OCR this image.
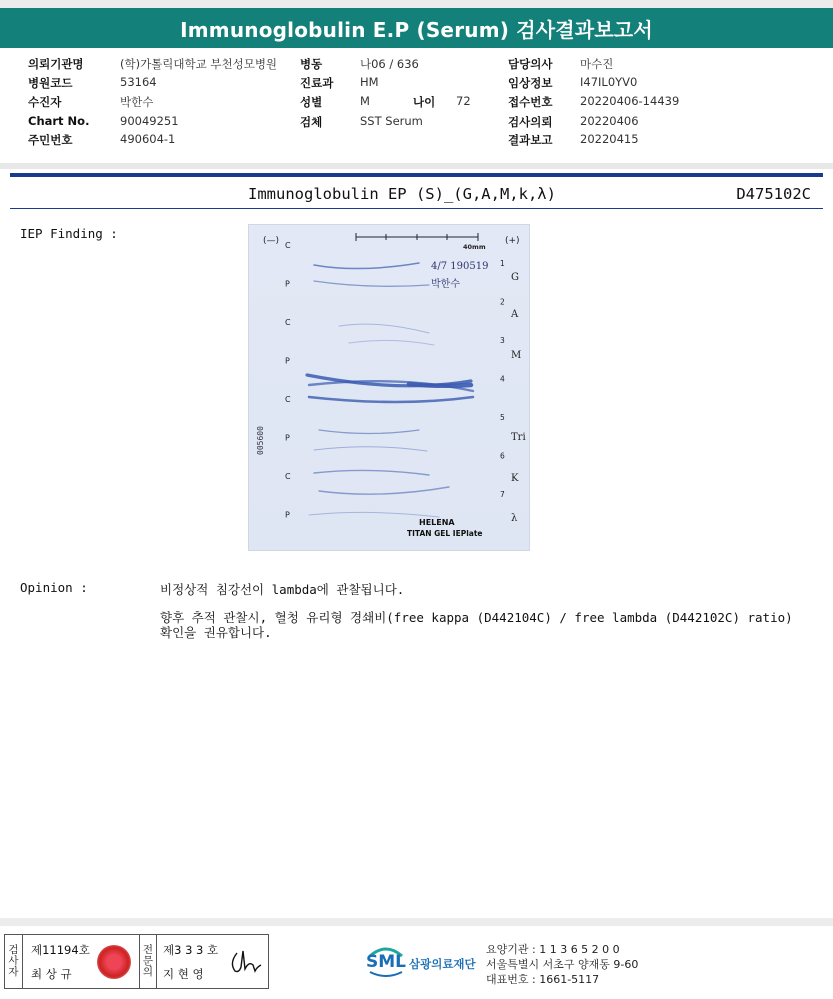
Immunoglobulin E.P (Serum) 검사결과보고서
의뢰기관명	(학)가톨릭대학교 부천성모병원 병동	나06 / 636	담당의사 마수진
병원코드	53164	진료과 HM	임상정보 I47IL0YV0
수진자	박한수	성별	M	나이 72	접수번호 20220406-14439
Chart No.	90049251	검체	SST Serum	검사의뢰 20220406
주민번호	490604-1	결과보고 20220415
Immunoglobulin EP (S)_(G,A,M,k,λ)	D475102C
IEP Finding :	(—)	(+)
40mm
4/7 190519
박한수
005600
C
P
C
P
C
P
C
P
1
2
3
4
5
6
7
G
A
M
Tri
K
λ
HELENA
TITAN GEL IEPlate
Opinion :	비정상적 침강선이 lambda에 관찰됩니다.
향후 추적 관찰시, 혈청 유리형 경쇄비(free kappa (D442104C) / free lambda (D442102C) ratio)확인을 권유합니다.
검
사
자
제11194호
최 상 규
전
문
의
제3 3 3 호
지 현 영
SML 삼광의료재단
요양기관 : 1 1 3 6 5 2 0 0
서울특별시 서초구 양재동 9-60
대표번호 : 1661-5117
